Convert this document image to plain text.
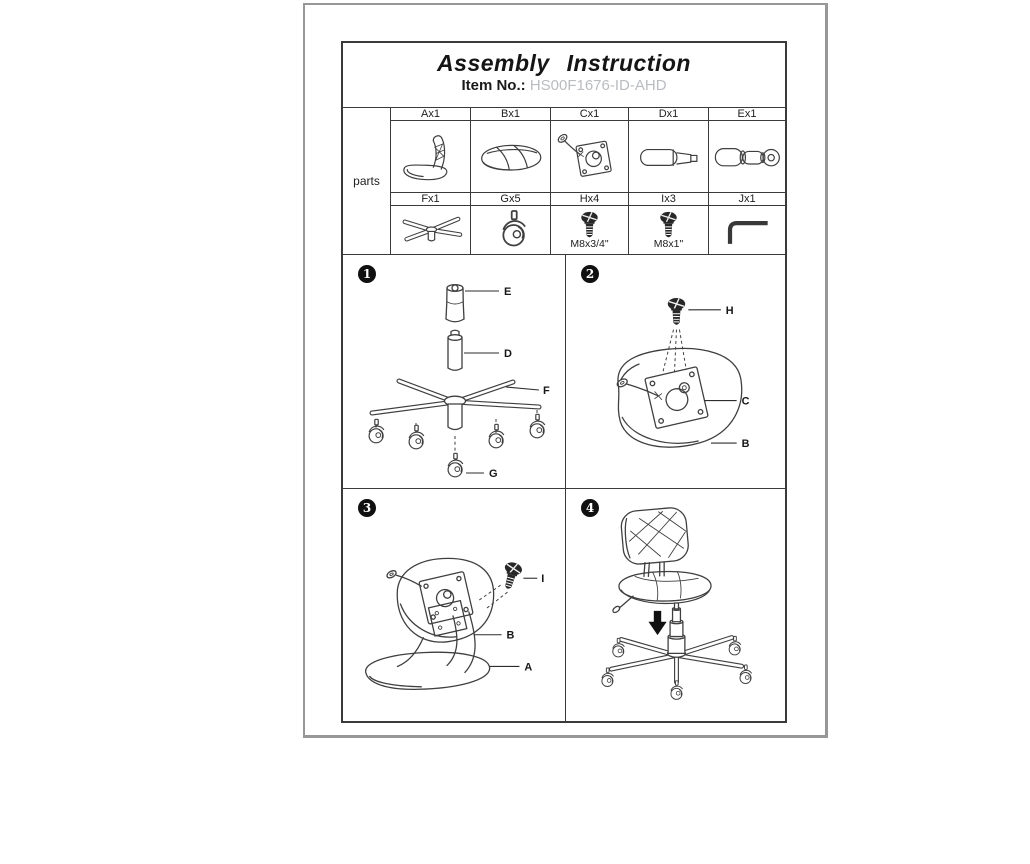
Assembly Instruction
Item No.: HS00F1676-ID-AHD
parts
Ax1	Bx1	Cx1	Dx1	Ex1
Fx1	Gx5	Hx4	Ix3	Jx1
M8x3/4"	M8x1"
1
E
D
F
G
2
H
C
B
3
I
B
A
4
